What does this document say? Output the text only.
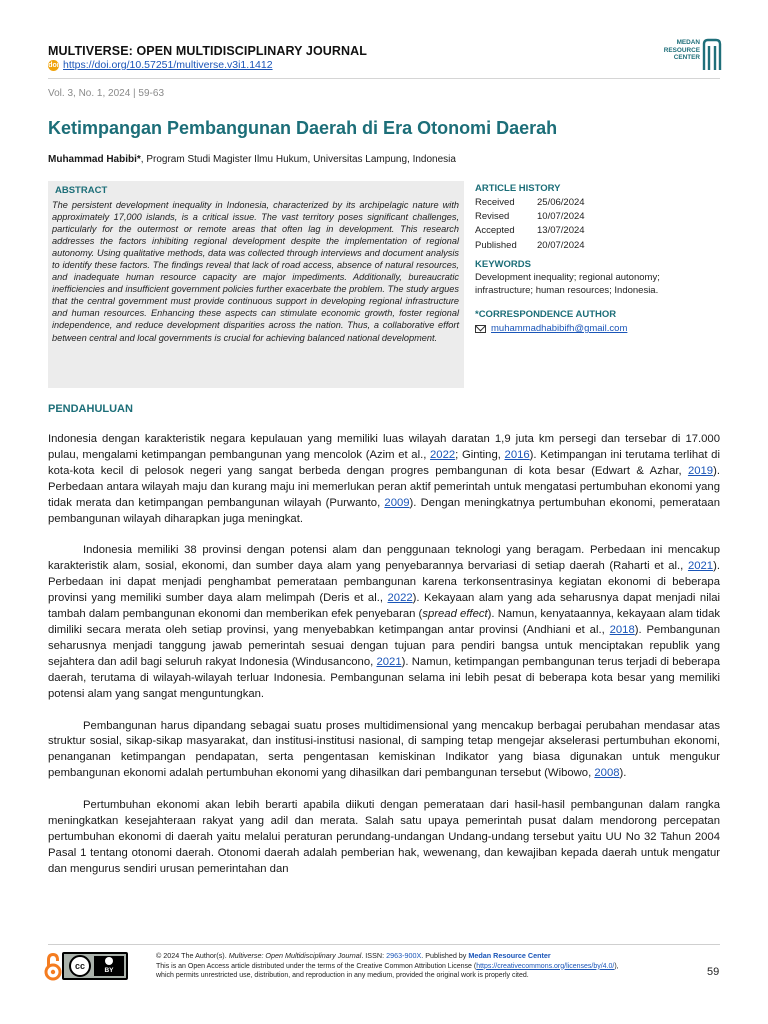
MULTIVERSE: OPEN MULTIDISCIPLINARY JOURNAL
doi https://doi.org/10.57251/multiverse.v3i1.1412
MEDAN
RESOURCE
CENTER
Vol. 3, No. 1, 2024 | 59-63
Ketimpangan Pembangunan Daerah di Era Otonomi Daerah
Muhammad Habibi*, Program Studi Magister Ilmu Hukum, Universitas Lampung, Indonesia
ABSTRACT
The persistent development inequality in Indonesia, characterized by its archipelagic nature with approximately 17,000 islands, is a critical issue. The vast territory poses significant challenges, particularly for the outermost or remote areas that often lag in development. This research addresses the factors inhibiting regional development despite the implementation of regional autonomy. Using qualitative methods, data was collected through interviews and document analysis to identify these factors. The findings reveal that lack of road access, absence of natural resources, and inadequate human resource capacity are major impediments. Additionally, bureaucratic inefficiencies and insufficient government policies further exacerbate the problem. The study argues that the central government must provide continuous support in developing regional infrastructure and human resources. Enhancing these aspects can stimulate economic growth, foster regional independence, and reduce development disparities across the nation. Thus, a collaborative effort between central and local governments is crucial for achieving balanced national development.
ARTICLE HISTORY
Received	25/06/2024
Revised	10/07/2024
Accepted	13/07/2024
Published	20/07/2024
KEYWORDS
Development inequality; regional autonomy; infrastructure; human resources; Indonesia.
*CORRESPONDENCE AUTHOR
muhammadhabibifh@gmail.com
PENDAHULUAN

Indonesia dengan karakteristik negara kepulauan yang memiliki luas wilayah daratan 1,9 juta km persegi dan tersebar di 17.000 pulau, mengalami ketimpangan pembangunan yang mencolok (Azim et al., 2022; Ginting, 2016). Ketimpangan ini terutama terlihat di kota-kota kecil di pelosok negeri yang sangat berbeda dengan progres pembangunan di kota besar (Edwart & Azhar, 2019). Perbedaan antara wilayah maju dan kurang maju ini memerlukan peran aktif pemerintah untuk mengatasi pertumbuhan ekonomi yang tidak merata dan ketimpangan pembangunan wilayah (Purwanto, 2009). Dengan meningkatnya pertumbuhan ekonomi, pemerataan pembangunan wilayah diharapkan juga meningkat.

Indonesia memiliki 38 provinsi dengan potensi alam dan penggunaan teknologi yang beragam. Perbedaan ini mencakup karakteristik alam, sosial, ekonomi, dan sumber daya alam yang penyebarannya bervariasi di setiap daerah (Raharti et al., 2021). Perbedaan ini dapat menjadi penghambat pemerataan pembangunan karena terkonsentrasinya kegiatan ekonomi di beberapa provinsi yang memiliki sumber daya alam melimpah (Deris et al., 2022). Kekayaan alam yang ada seharusnya dapat menjadi nilai tambah dalam pembangunan ekonomi dan memberikan efek penyebaran (spread effect). Namun, kenyataannya, kekayaan alam tidak dimiliki secara merata oleh setiap provinsi, yang menyebabkan ketimpangan antar provinsi (Andhiani et al., 2018). Pembangunan seharusnya menjadi tanggung jawab pemerintah sesuai dengan tujuan para pendiri bangsa untuk menciptakan republik yang sejahtera dan adil bagi seluruh rakyat Indonesia (Windusancono, 2021). Namun, ketimpangan pembangunan terus terjadi di beberapa daerah, terutama di wilayah-wilayah terluar Indonesia. Pembangunan selama ini lebih pesat di beberapa kota besar yang memiliki potensi alam yang sangat menguntungkan.

Pembangunan harus dipandang sebagai suatu proses multidimensional yang mencakup berbagai perubahan mendasar atas struktur sosial, sikap-sikap masyarakat, dan institusi-institusi nasional, di samping tetap mengejar akselerasi pertumbuhan ekonomi, penanganan ketimpangan pendapatan, serta pengentasan kemiskinan Indikator yang biasa digunakan untuk mengukur pembangunan ekonomi adalah pertumbuhan ekonomi yang dihasilkan dari pembangunan tersebut (Wibowo, 2008).

Pertumbuhan ekonomi akan lebih berarti apabila diikuti dengan pemerataan dari hasil-hasil pembangunan dalam rangka meningkatkan kesejahteraan rakyat yang adil dan merata. Salah satu upaya pemerintah pusat dalam mendorong percepatan pertumbuhan ekonomi di daerah yaitu melalui peraturan perundang-undangan Undang-undang tersebut yaitu UU No 32 Tahun 2004 Pasal 1 tentang otonomi daerah. Otonomi daerah adalah pemberian hak, wewenang, dan kewajiban kepada daerah untuk mengatur dan mengurus sendiri urusan pemerintahan dan

cc	BY
© 2024 The Author(s). Multiverse: Open Multidisciplinary Journal. ISSN: 2963-900X. Published by Medan Resource Center
This is an Open Access article distributed under the terms of the Creative Common Attribution License (https://creativecommons.org/licenses/by/4.0/),
which permits unrestricted use, distribution, and reproduction in any medium, provided the original work is properly cited.	59
